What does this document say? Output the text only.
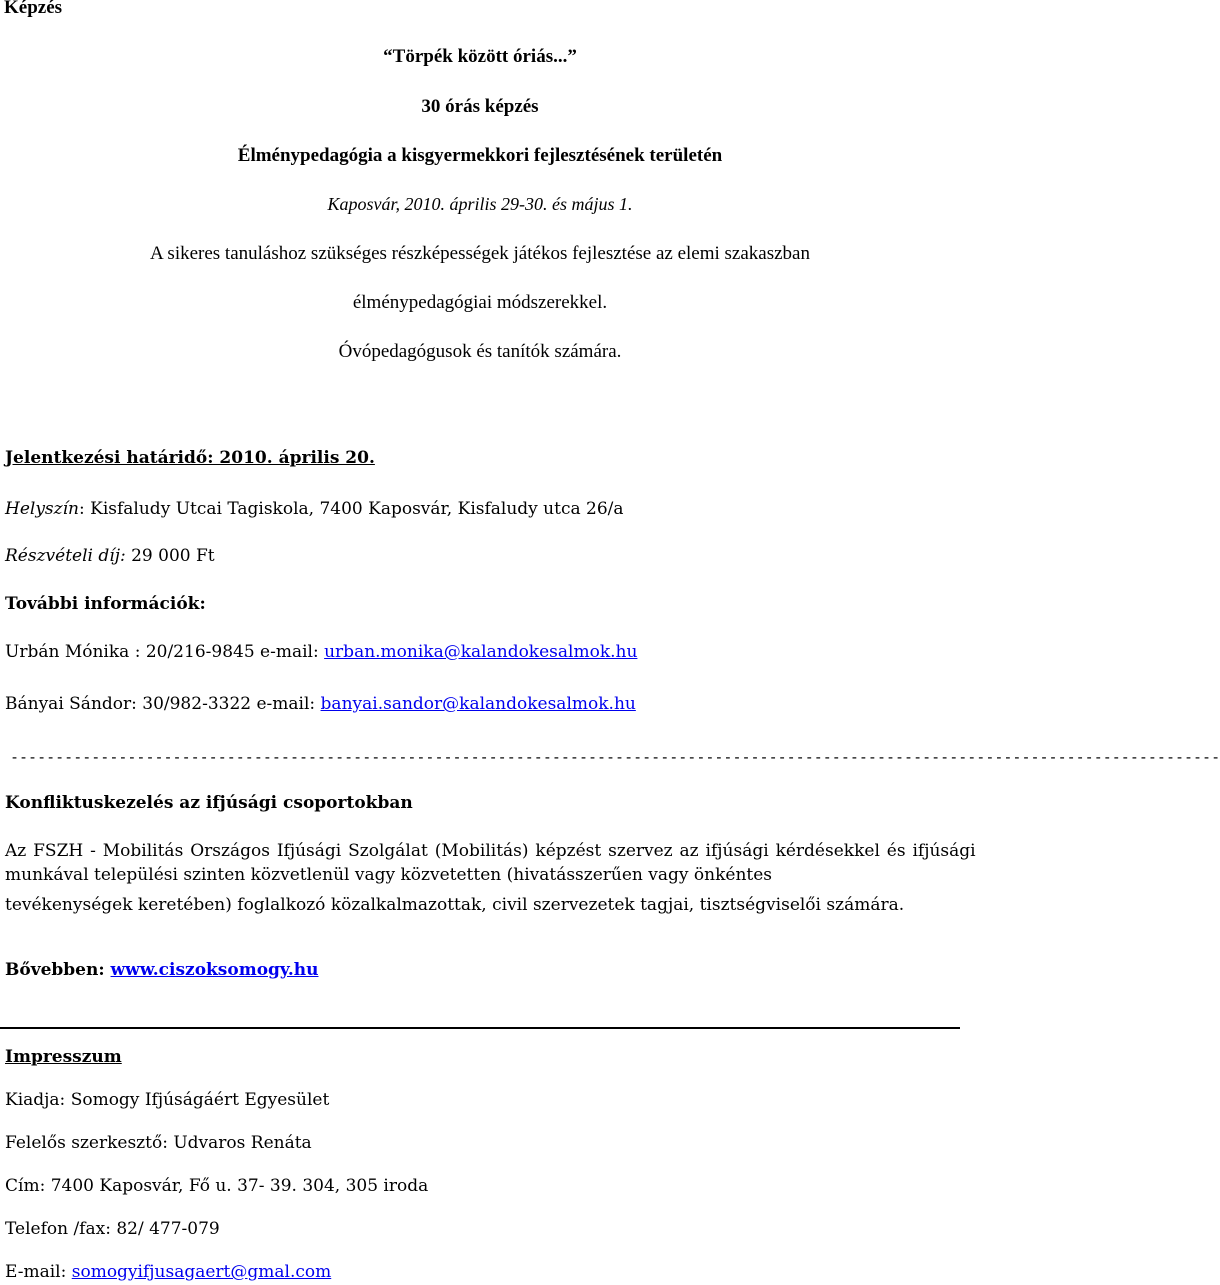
Képzés
“Törpék között óriás...”
30 órás képzés
Élménypedagógia a kisgyermekkori fejlesztésének területén
Kaposvár, 2010. április 29-30. és május 1.
A sikeres tanuláshoz szükséges részképességek játékos fejlesztése az elemi szakaszban
élménypedagógiai módszerekkel.
Óvópedagógusok és tanítók számára.
Jelentkezési határidő: 2010. április 20.
Helyszín: Kisfaludy Utcai Tagiskola, 7400 Kaposvár, Kisfaludy utca 26/a
Részvételi díj: 29 000 Ft
További információk:
Urbán Mónika : 20/216-9845 e-mail: urban.monika@kalandokesalmok.hu
Bányai Sándor: 30/982-3322 e-mail: banyai.sandor@kalandokesalmok.hu
--------------------------------------------------------------------------------------------------------------------------------------
Konfliktuskezelés az ifjúsági csoportokban
Az FSZH - Mobilitás Országos Ifjúsági Szolgálat (Mobilitás) képzést szervez az ifjúsági kérdésekkel és ifjúsági
munkával települési szinten közvetlenül vagy közvetetten (hivatásszerűen vagy önkéntes
tevékenységek keretében) foglalkozó közalkalmazottak, civil szervezetek tagjai, tisztségviselői számára.
Bővebben: www.ciszoksomogy.hu
Impresszum
Kiadja: Somogy Ifjúságáért Egyesület
Felelős szerkesztő: Udvaros Renáta
Cím: 7400 Kaposvár, Fő u. 37- 39. 304, 305 iroda
Telefon /fax: 82/ 477-079
E-mail: somogyifjusagaert@gmal.com
